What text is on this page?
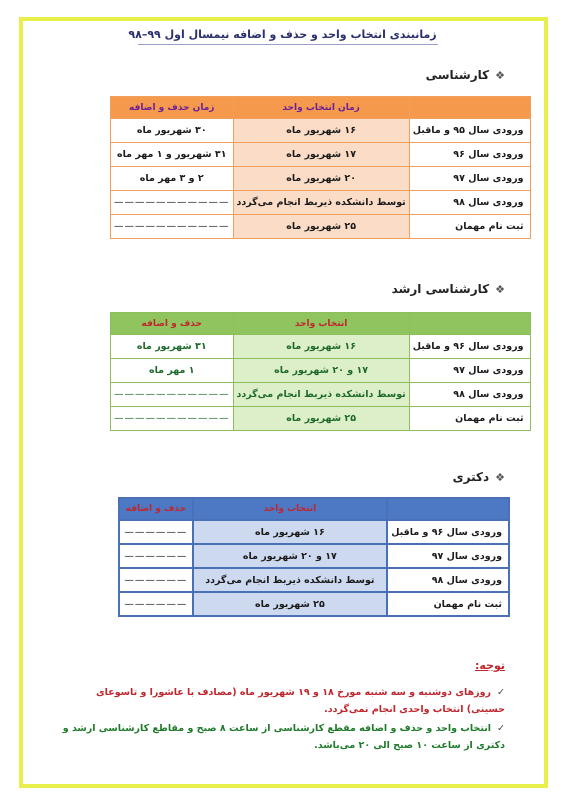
زمانبندی انتخاب واحد و حذف و اضافه نیمسال اول ۹۹–۹۸
❖کارشناسی
	زمان انتخاب واحد	زمان حذف و اضافه
ورودی سال ۹۵ و ماقبل	۱۶ شهریور ماه	۳۰ شهریور ماه
ورودی سال ۹۶	۱۷ شهریور ماه	۳۱ شهریور و ۱ مهر ماه
ورودی سال ۹۷	۲۰ شهریور ماه	۲ و ۳ مهر ماه
ورودی سال ۹۸	توسط دانشکده ذیربط انجام می‌گردد	———————————
ثبت نام مهمان	۲۵ شهریور ماه	———————————
❖کارشناسی ارشد
	انتخاب واحد	حذف و اضافه
ورودی سال ۹۶ و ماقبل	۱۶ شهریور ماه	۳۱ شهریور ماه
ورودی سال ۹۷	۱۷ و ۲۰ شهریور ماه	۱ مهر ماه
ورودی سال ۹۸	توسط دانشکده ذیربط انجام می‌گردد	———————————
ثبت نام مهمان	۲۵ شهریور ماه	———————————
❖دکتری
	انتخاب واحد	حذف و اضافه
ورودی سال ۹۶ و ماقبل	۱۶ شهریور ماه	——————
ورودی سال ۹۷	۱۷ و ۲۰ شهریور ماه	——————
ورودی سال ۹۸	توسط دانشکده ذیربط انجام می‌گردد	——————
ثبت نام مهمان	۲۵ شهریور ماه	——————
توجه:
✓روزهای دوشنبه و سه شنبه مورخ ۱۸ و ۱۹ شهریور ماه (مصادف با عاشورا و تاسوعای حسینی) انتخاب واحدی انجام نمی‌گردد.
✓انتخاب واحد و حذف و اضافه مقطع کارشناسی از ساعت ۸ صبح و مقاطع کارشناسی ارشد و دکتری از ساعت ۱۰ صبح الی ۲۰ می‌باشد.
